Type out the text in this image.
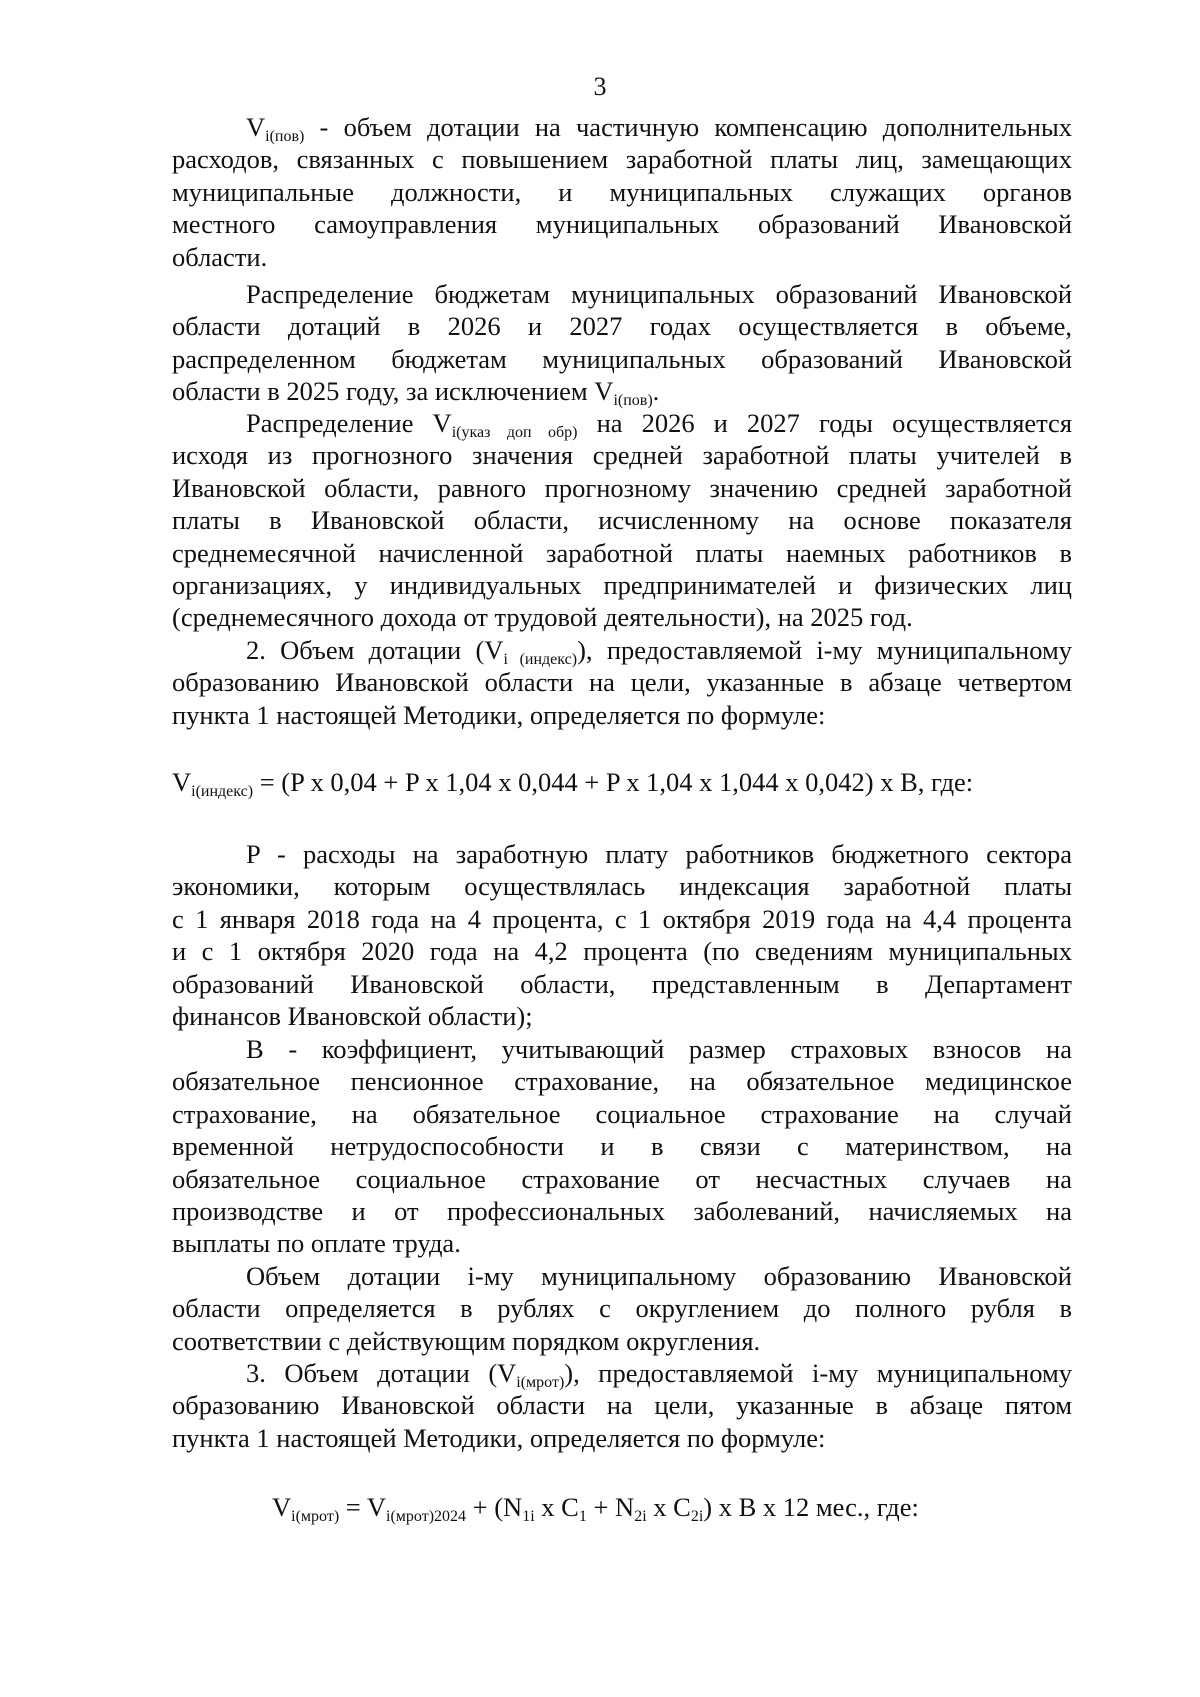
3
$V_{i(пов)}$ - объем дотации на частичную компенсацию дополнительных
расходов, связанных с повышением заработной платы лиц, замещающих
муниципальные должности, и муниципальных служащих органов
местного самоуправления муниципальных образований Ивановской
области.
Распределение бюджетам муниципальных образований Ивановской
области дотаций в 2026 и 2027 годах осуществляется в объеме,
распределенном бюджетам муниципальных образований Ивановской
области в 2025 году, за исключением $V_{i(пов)}$.
Распределение $V_{i(указ доп обр)}$ на 2026 и 2027 годы осуществляется
исходя из прогнозного значения средней заработной платы учителей в
Ивановской области, равного прогнозному значению средней заработной
платы в Ивановской области, исчисленному на основе показателя
среднемесячной начисленной заработной платы наемных работников в
организациях, у индивидуальных предпринимателей и физических лиц
(среднемесячного дохода от трудовой деятельности), на 2025 год.
2. Объем дотации $(V_{i (индекс)})$, предоставляемой i-му муниципальному
образованию Ивановской области на цели, указанные в абзаце четвертом
пункта 1 настоящей Методики, определяется по формуле:
$V_{i(индекс)} = (P$ x 0,04 + P x 1,04 x 0,044 + P x 1,04 x 1,044 x 0,042) x B, где:
P - расходы на заработную плату работников бюджетного сектора
экономики, которым осуществлялась индексация заработной платы
с 1 января 2018 года на 4 процента, с 1 октября 2019 года на 4,4 процента
и с 1 октября 2020 года на 4,2 процента (по сведениям муниципальных
образований Ивановской области, представленным в Департамент
финансов Ивановской области);
B - коэффициент, учитывающий размер страховых взносов на
обязательное пенсионное страхование, на обязательное медицинское
страхование, на обязательное социальное страхование на случай
временной нетрудоспособности и в связи с материнством, на
обязательное социальное страхование от несчастных случаев на
производстве и от профессиональных заболеваний, начисляемых на
выплаты по оплате труда.
Объем дотации i-му муниципальному образованию Ивановской
области определяется в рублях с округлением до полного рубля в
соответствии с действующим порядком округления.
3. Объем дотации $(V_{i(мрот)})$, предоставляемой i-му муниципальному
образованию Ивановской области на цели, указанные в абзаце пятом
пункта 1 настоящей Методики, определяется по формуле:
$V_{i(мрот)} = V_{i(мрот)2024} + (N_{1i}$ x $C_1 + N_{2i}$ x $C_{2i}$) x B x 12 мес., где:
